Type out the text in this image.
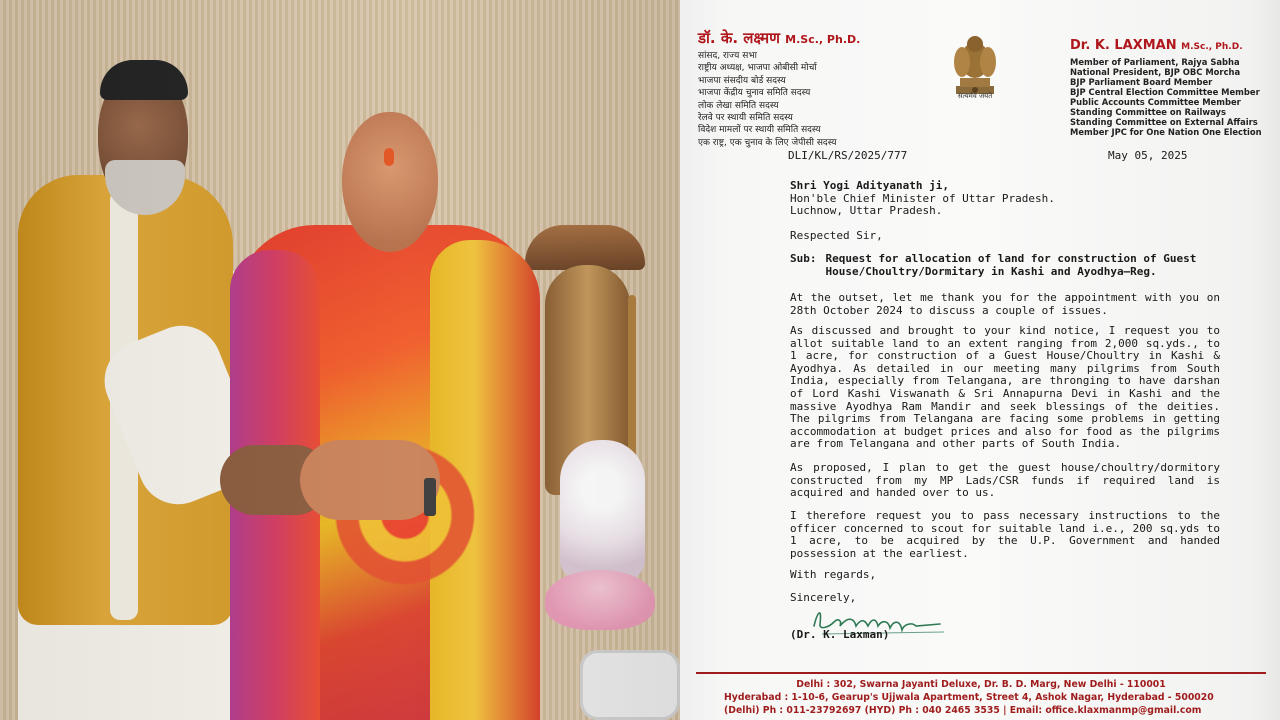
डॉ. के. लक्ष्मण M.Sc., Ph.D.
सांसद, राज्य सभा
राष्ट्रीय अध्यक्ष, भाजपा ओबीसी मोर्चा
भाजपा संसदीय बोर्ड सदस्य
भाजपा केंद्रीय चुनाव समिति सदस्य
लोक लेखा समिति सदस्य
रेलवे पर स्थायी समिति सदस्य
विदेश मामलों पर स्थायी समिति सदस्य
एक राष्ट्र, एक चुनाव के लिए जेपीसी सदस्य
सत्यमेव जयते
Dr. K. LAXMAN M.Sc., Ph.D.
Member of Parliament, Rajya Sabha
National President, BJP OBC Morcha
BJP Parliament Board Member
BJP Central Election Committee Member
Public Accounts Committee Member
Standing Committee on Railways
Standing Committee on External Affairs
Member JPC for One Nation One Election
DLI/KL/RS/2025/777	May 05, 2025
Shri Yogi Adityanath ji,
Hon'ble Chief Minister of Uttar Pradesh.
Luchnow, Uttar Pradesh.
Respected Sir,
Sub: Request for allocation of land for construction of Guest House/Choultry/Dormitary in Kashi and Ayodhya–Reg.
At the outset, let me thank you for the appointment with you on 28th October 2024 to discuss a couple of issues.
As discussed and brought to your kind notice, I request you to allot suitable land to an extent ranging from 2,000 sq.yds., to 1 acre, for construction of a Guest House/Choultry in Kashi & Ayodhya. As detailed in our meeting many pilgrims from South India, especially from Telangana, are thronging to have darshan of Lord Kashi Viswanath & Sri Annapurna Devi in Kashi and the massive Ayodhya Ram Mandir and seek blessings of the deities. The pilgrims from Telangana are facing some problems in getting accommodation at budget prices and also for food as the pilgrims are from Telangana and other parts of South India.
As proposed, I plan to get the guest house/choultry/dormitory constructed from my MP Lads/CSR funds if required land is acquired and handed over to us.
I therefore request you to pass necessary instructions to the officer concerned to scout for suitable land i.e., 200 sq.yds to 1 acre, to be acquired by the U.P. Government and handed possession at the earliest.
With regards,
Sincerely,
(Dr. K. Laxman)
Delhi : 302, Swarna Jayanti Deluxe, Dr. B. D. Marg, New Delhi - 110001
Hyderabad : 1-10-6, Gearup's Ujjwala Apartment, Street 4, Ashok Nagar, Hyderabad - 500020
(Delhi) Ph : 011-23792697 (HYD) Ph : 040 2465 3535 | Email: office.klaxmanmp@gmail.com
